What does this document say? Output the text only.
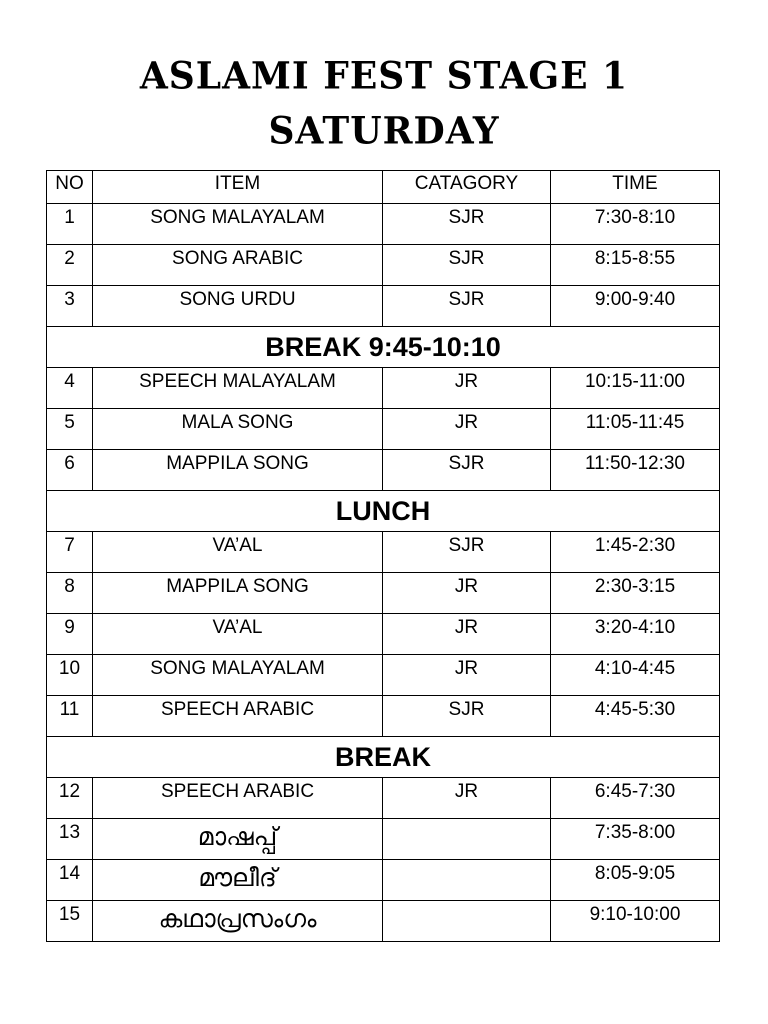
ASLAMI FEST STAGE 1
SATURDAY
NO	ITEM	CATAGORY	TIME
1	SONG MALAYALAM	SJR	7:30-8:10
2	SONG ARABIC	SJR	8:15-8:55
3	SONG URDU	SJR	9:00-9:40
BREAK 9:45-10:10			
4	SPEECH MALAYALAM	JR	10:15-11:00
5	MALA SONG	JR	11:05-11:45
6	MAPPILA SONG	SJR	11:50-12:30
LUNCH			
7	VA’AL	SJR	1:45-2:30
8	MAPPILA SONG	JR	2:30-3:15
9	VA’AL	JR	3:20-4:10
10	SONG MALAYALAM	JR	4:10-4:45
11	SPEECH ARABIC	SJR	4:45-5:30
BREAK			
12	SPEECH ARABIC	JR	6:45-7:30
13	മാഷപ്പ്		7:35-8:00
14	മൗലീദ്		8:05-9:05
15	കഥാപ്രസംഗം		9:10-10:00
